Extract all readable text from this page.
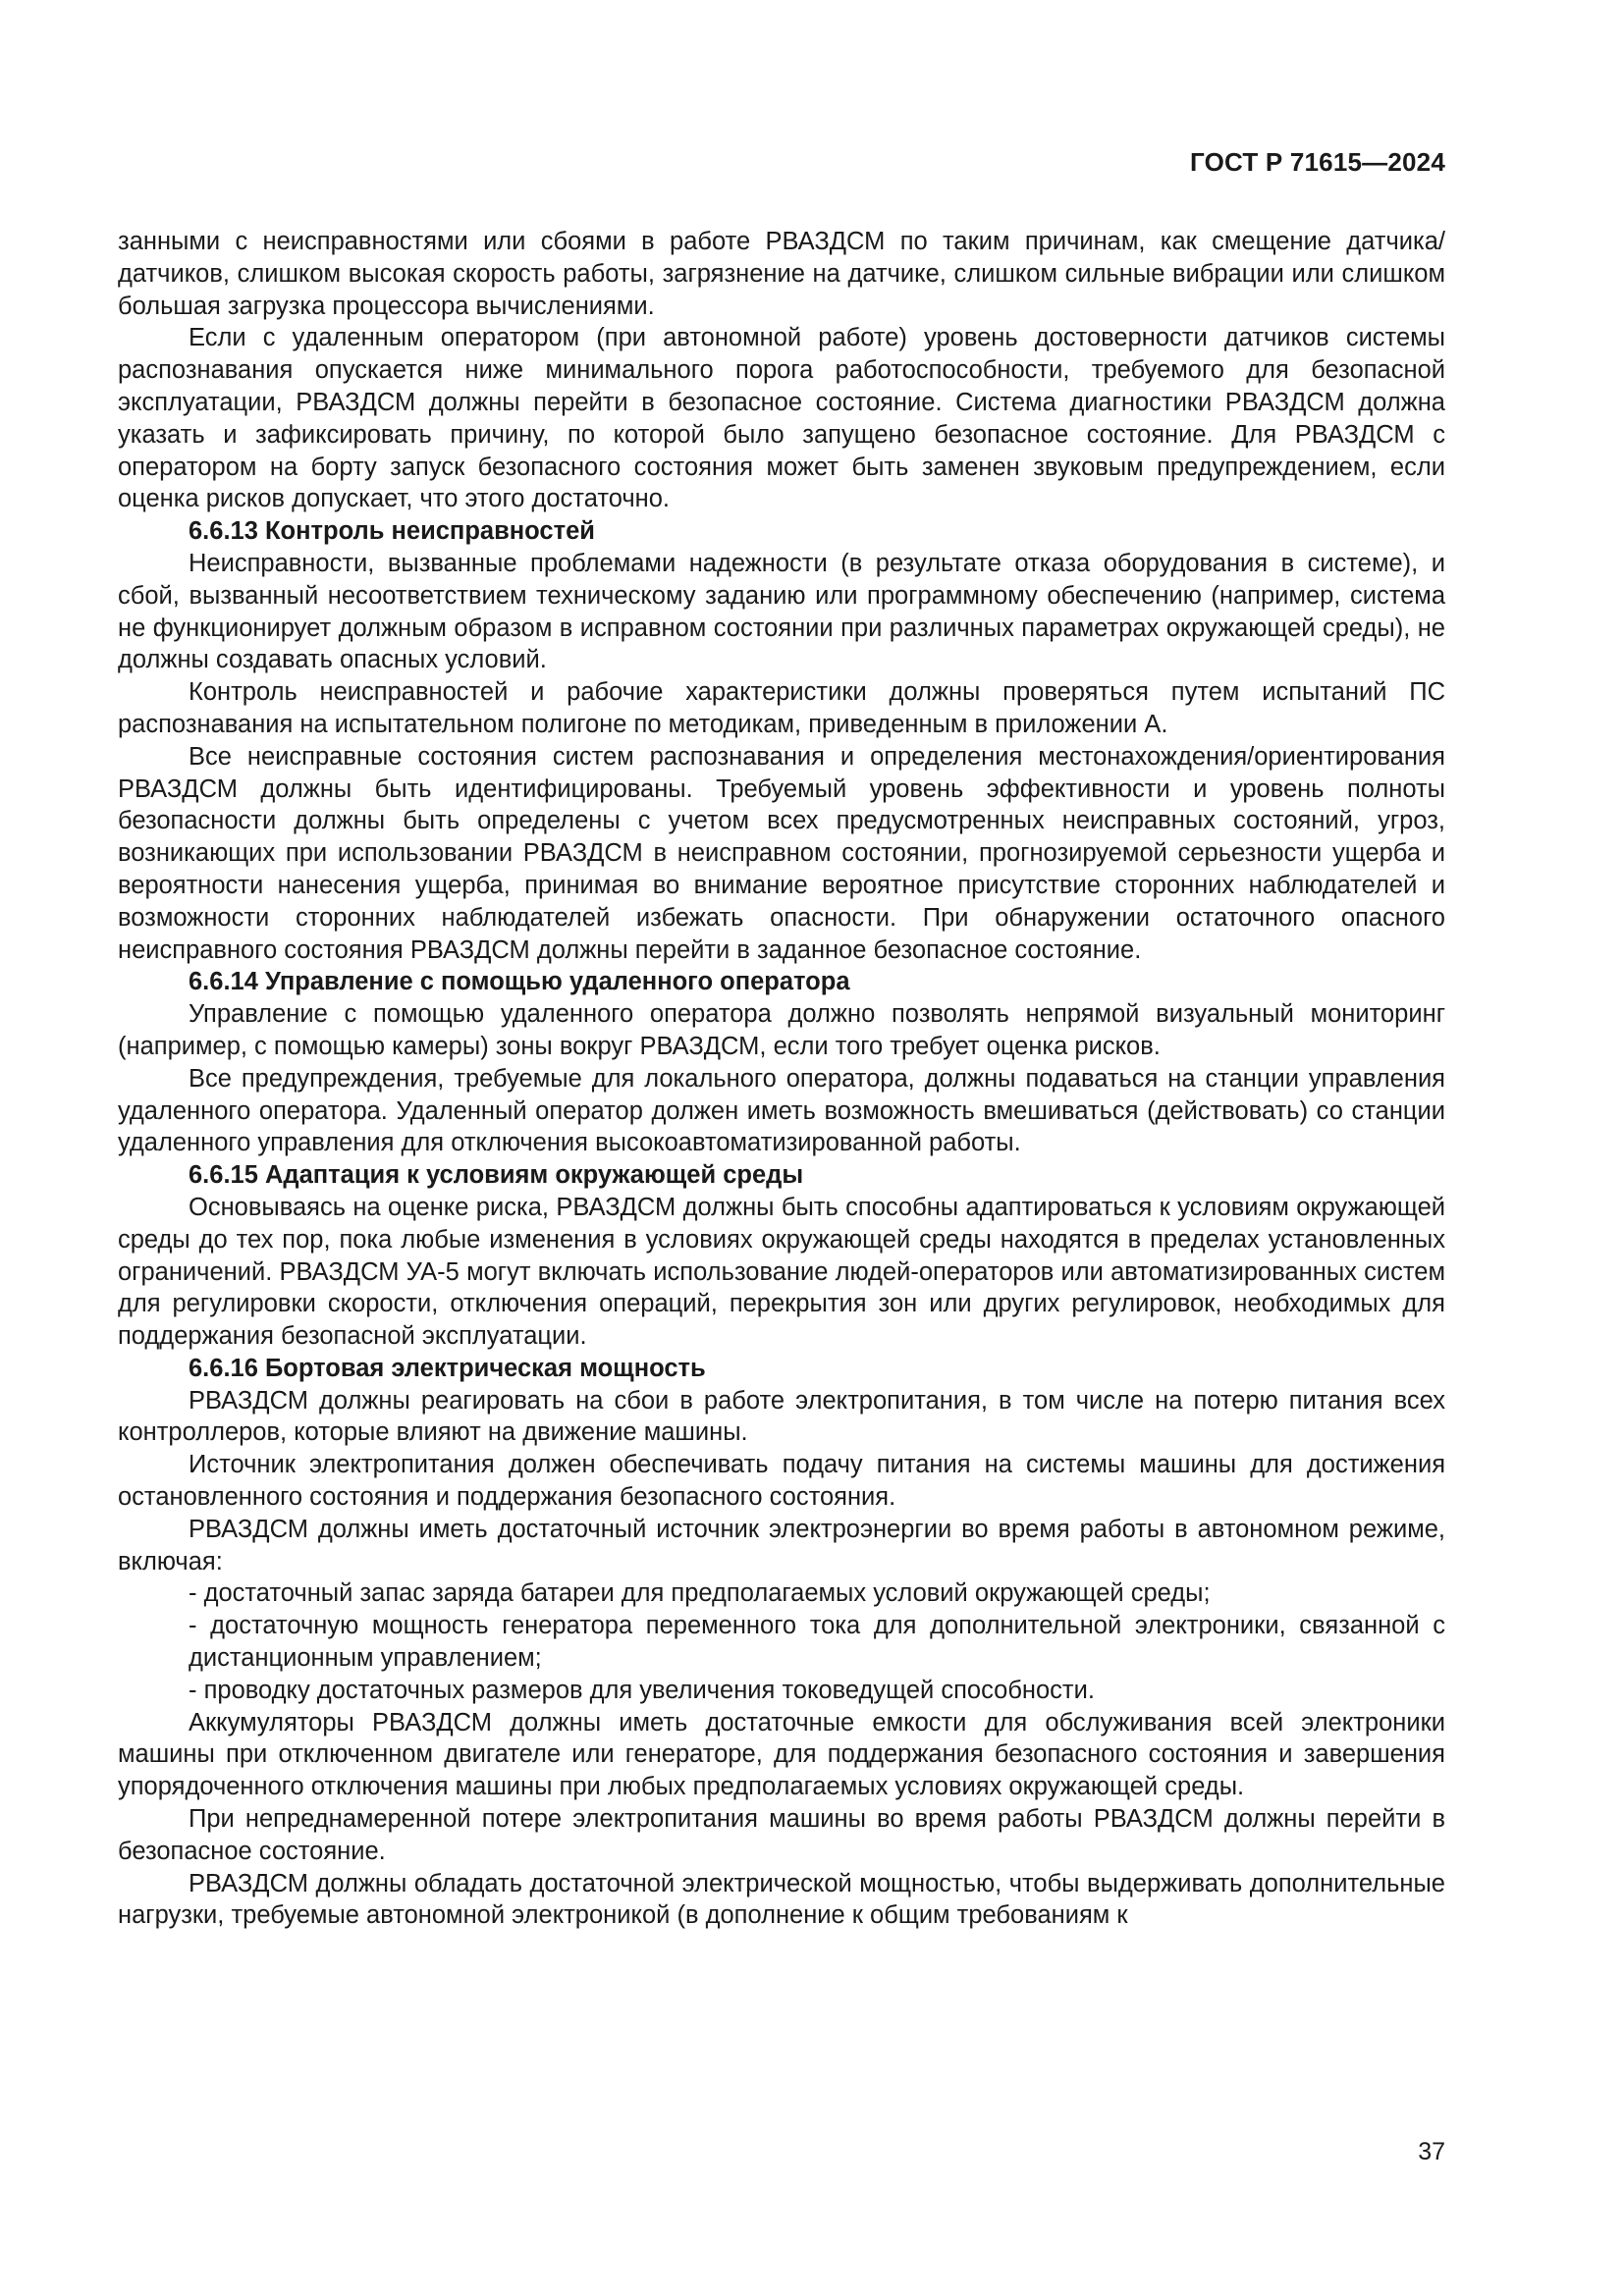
ГОСТ Р 71615—2024

занными с неисправностями или сбоями в работе РВАЗДСМ по таким причинам, как смещение датчика/датчиков, слишком высокая скорость работы, загрязнение на датчике, слишком сильные вибрации или слишком большая загрузка процессора вычислениями.

Если с удаленным оператором (при автономной работе) уровень достоверности датчиков системы распознавания опускается ниже минимального порога работоспособности, требуемого для безопасной эксплуатации, РВАЗДСМ должны перейти в безопасное состояние. Система диагностики РВАЗДСМ должна указать и зафиксировать причину, по которой было запущено безопасное состояние. Для РВАЗДСМ с оператором на борту запуск безопасного состояния может быть заменен звуковым предупреждением, если оценка рисков допускает, что этого достаточно.

6.6.13 Контроль неисправностей

Неисправности, вызванные проблемами надежности (в результате отказа оборудования в системе), и сбой, вызванный несоответствием техническому заданию или программному обеспечению (например, система не функционирует должным образом в исправном состоянии при различных параметрах окружающей среды), не должны создавать опасных условий.

Контроль неисправностей и рабочие характеристики должны проверяться путем испытаний ПС распознавания на испытательном полигоне по методикам, приведенным в приложении А.

Все неисправные состояния систем распознавания и определения местонахождения/ориентирования РВАЗДСМ должны быть идентифицированы. Требуемый уровень эффективности и уровень полноты безопасности должны быть определены с учетом всех предусмотренных неисправных состояний, угроз, возникающих при использовании РВАЗДСМ в неисправном состоянии, прогнозируемой серьезности ущерба и вероятности нанесения ущерба, принимая во внимание вероятное присутствие сторонних наблюдателей и возможности сторонних наблюдателей избежать опасности. При обнаружении остаточного опасного неисправного состояния РВАЗДСМ должны перейти в заданное безопасное состояние.

6.6.14 Управление с помощью удаленного оператора

Управление с помощью удаленного оператора должно позволять непрямой визуальный мониторинг (например, с помощью камеры) зоны вокруг РВАЗДСМ, если того требует оценка рисков.

Все предупреждения, требуемые для локального оператора, должны подаваться на станции управления удаленного оператора. Удаленный оператор должен иметь возможность вмешиваться (действовать) со станции удаленного управления для отключения высокоавтоматизированной работы.

6.6.15 Адаптация к условиям окружающей среды

Основываясь на оценке риска, РВАЗДСМ должны быть способны адаптироваться к условиям окружающей среды до тех пор, пока любые изменения в условиях окружающей среды находятся в пределах установленных ограничений. РВАЗДСМ УА-5 могут включать использование людей-операторов или автоматизированных систем для регулировки скорости, отключения операций, перекрытия зон или других регулировок, необходимых для поддержания безопасной эксплуатации.

6.6.16 Бортовая электрическая мощность

РВАЗДСМ должны реагировать на сбои в работе электропитания, в том числе на потерю питания всех контроллеров, которые влияют на движение машины.

Источник электропитания должен обеспечивать подачу питания на системы машины для достижения остановленного состояния и поддержания безопасного состояния.

РВАЗДСМ должны иметь достаточный источник электроэнергии во время работы в автономном режиме, включая:

- достаточный запас заряда батареи для предполагаемых условий окружающей среды;

- достаточную мощность генератора переменного тока для дополнительной электроники, связанной с дистанционным управлением;

- проводку достаточных размеров для увеличения токоведущей способности.

Аккумуляторы РВАЗДСМ должны иметь достаточные емкости для обслуживания всей электроники машины при отключенном двигателе или генераторе, для поддержания безопасного состояния и завершения упорядоченного отключения машины при любых предполагаемых условиях окружающей среды.

При непреднамеренной потере электропитания машины во время работы РВАЗДСМ должны перейти в безопасное состояние.

РВАЗДСМ должны обладать достаточной электрической мощностью, чтобы выдерживать дополнительные нагрузки, требуемые автономной электроникой (в дополнение к общим требованиям к

37
